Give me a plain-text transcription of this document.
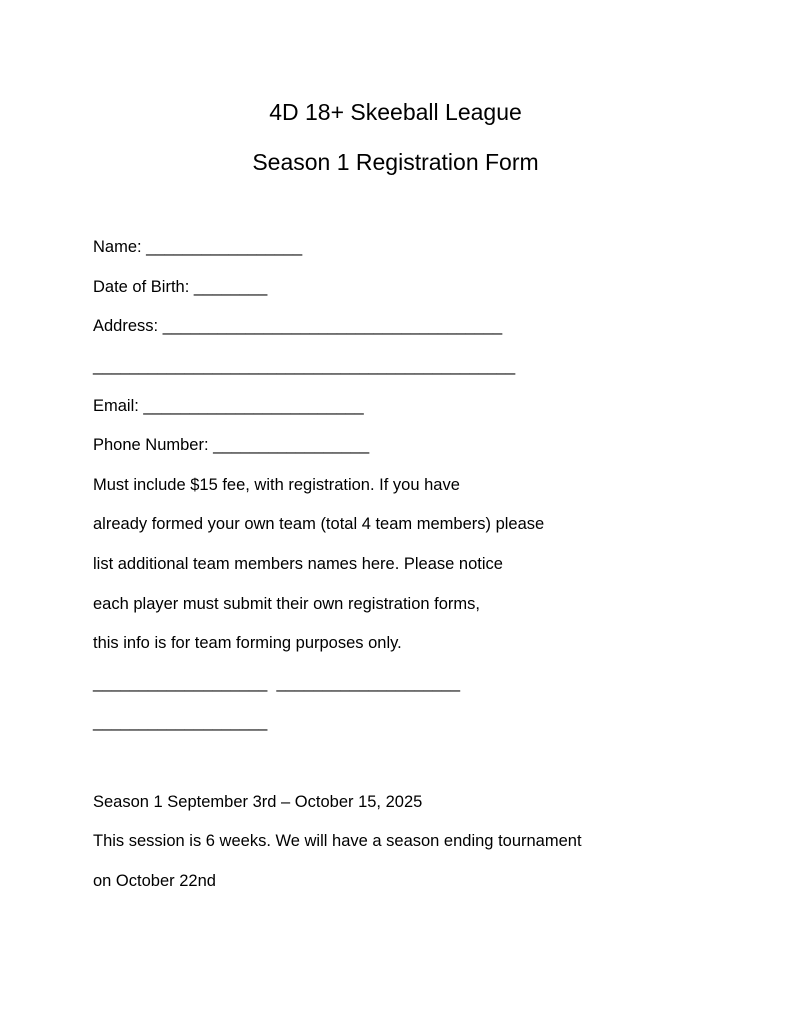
4D 18+ Skeeball League
Season 1 Registration Form
Name: _________________
Date of Birth: ________
Address: _____________________________________
______________________________________________
Email: ________________________
Phone Number: _________________
Must include $15 fee, with registration. If you have
already formed your own team (total 4 team members) please
list additional team members names here. Please notice
each player must submit their own registration forms,
this info is for team forming purposes only.
___________________  ____________________
___________________
Season 1 September 3rd – October 15, 2025
This session is 6 weeks. We will have a season ending tournament
on October 22nd
